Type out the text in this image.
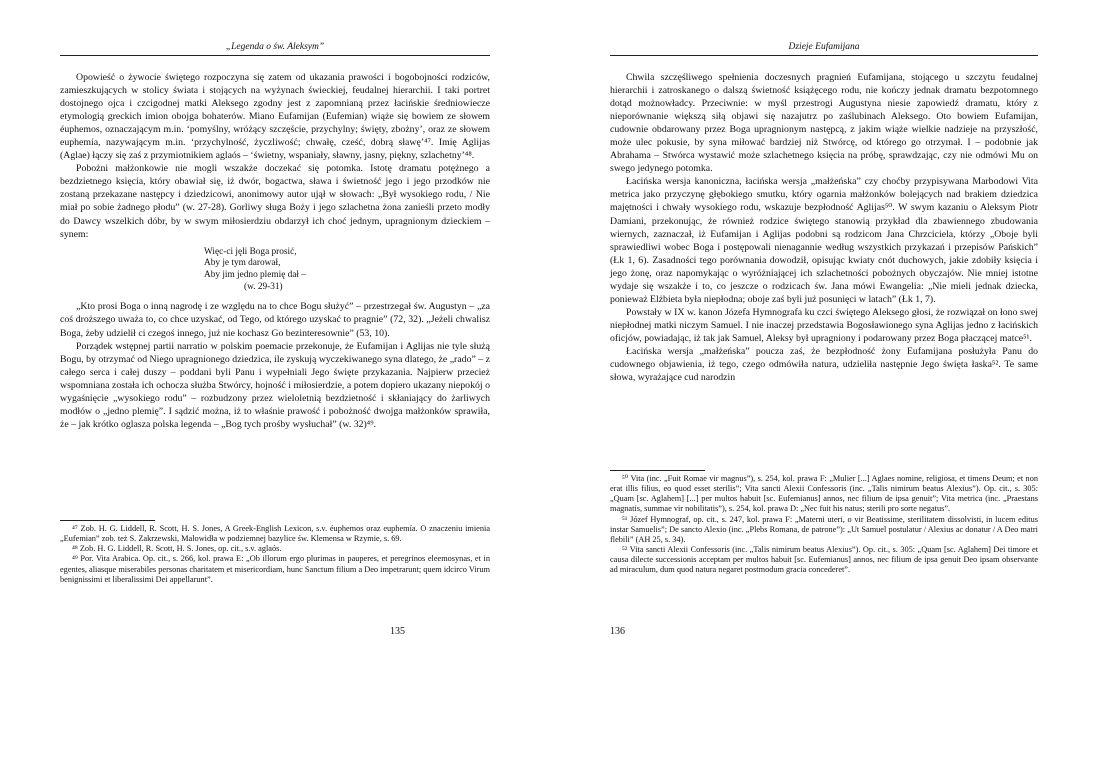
„Legenda o św. Aleksym”

Opowieść o żywocie świętego rozpoczyna się zatem od ukazania prawości i bogobojności rodziców, zamieszkujących w stolicy świata i stojących na wyżynach świeckiej, feudalnej hierarchii. I taki portret dostojnego ojca i czcigodnej matki Aleksego zgodny jest z zapomnianą przez łacińskie średniowiecze etymologią greckich imion obojga bohaterów. Miano Eufamijan (Eufemian) wiąże się bowiem ze słowem éuphemos, oznaczającym m.in. ‘pomyślny, wróżący szczęście, przychylny; święty, zbożny’, oraz ze słowem euphemía, nazywającym m.in. ‘przychylność, życzliwość; chwałę, cześć, dobrą sławę’⁴⁷. Imię Aglijas (Aglae) łączy się zaś z przymiotnikiem aglaós – ‘świetny, wspaniały, sławny, jasny, piękny, szlachetny’⁴⁸.

Pobożni małżonkowie nie mogli wszakże doczekać się potomka. Istotę dramatu potężnego a bezdzietnego księcia, który obawiał się, iż dwór, bogactwa, sława i świetność jego i jego przodków nie zostaną przekazane następcy i dziedzicowi, anonimowy autor ujął w słowach: „Był wysokiego rodu, / Nie miał po sobie żadnego płodu” (w. 27-28). Gorliwy sługa Boży i jego szlachetna żona zanieśli przeto modły do Dawcy wszelkich dóbr, by w swym miłosierdziu obdarzył ich choć jednym, upragnionym dzieckiem – synem:

Więc-ci jęli Boga prosić,
Aby je tym darował,
Aby jim jedno plemię dał –
(w. 29-31)

„Kto prosi Boga o inną nagrodę i ze względu na to chce Bogu służyć” – przestrzegał św. Augustyn – „za coś droższego uważa to, co chce uzyskać, od Tego, od którego uzyskać to pragnie” (72, 32). „Jeżeli chwalisz Boga, żeby udzielił ci czegoś innego, już nie kochasz Go bezinteresownie” (53, 10).

Porządek wstępnej partii narratio w polskim poemacie przekonuje, że Eufamijan i Aglijas nie tyle służą Bogu, by otrzymać od Niego upragnionego dziedzica, ile zyskują wyczekiwanego syna dlatego, że „rado” – z całego serca i całej duszy – poddani byli Panu i wypełniali Jego święte przykazania. Najpierw przecież wspomniana została ich ochocza służba Stwórcy, hojność i miłosierdzie, a potem dopiero ukazany niepokój o wygaśnięcie „wysokiego rodu” – rozbudzony przez wieloletnią bezdzietność i skłaniający do żarliwych modłów o „jedno plemię”. I sądzić można, iż to właśnie prawość i pobożność dwojga małżonków sprawiła, że – jak krótko oglasza polska legenda – „Bog tych prośby wysłuchał” (w. 32)⁴⁹.

⁴⁷ Zob. H. G. Liddell, R. Scott, H. S. Jones, A Greek-English Lexicon, s.v. éuphemos oraz euphemía. O znaczeniu imienia „Eufemian” zob. też S. Zakrzewski, Malowidła w podziemnej bazylice św. Klemensa w Rzymie, s. 69.

⁴⁸ Zob. H. G. Liddell, R. Scott, H. S. Jones, op. cit., s.v. aglaós.

⁴⁹ Por. Vita Arabica. Op. cit., s. 266, kol. prawa E: „Ob illorum ergo plurimas in pauperes, et peregrinos eleemosynas, et in egentes, aliasque miserabiles personas charitatem et misericordiam, hunc Sanctum filium a Deo impetrarunt; quem idcirco Virum benignissimi et liberalissimi Dei appellarunt”.

135
Dzieje Eufamijana

Chwila szczęśliwego spełnienia doczesnych pragnień Eufamijana, stojącego u szczytu feudalnej hierarchii i zatroskanego o dalszą świetność książęcego rodu, nie kończy jednak dramatu bezpotomnego dotąd możnowładcy. Przeciwnie: w myśl przestrogi Augustyna niesie zapowiedź dramatu, który z nieporównanie większą siłą objawi się nazajutrz po zaślubinach Aleksego. Oto bowiem Eufamijan, cudownie obdarowany przez Boga upragnionym następcą, z jakim wiąże wielkie nadzieje na przyszłość, może ulec pokusie, by syna miłować bardziej niż Stwórcę, od którego go otrzymał. I – podobnie jak Abrahama – Stwórca wystawić może szlachetnego księcia na próbę, sprawdzając, czy nie odmówi Mu on swego jedynego potomka.

Łacińska wersja kanoniczna, łacińska wersja „małżeńska” czy choćby przypisywana Marbodowi Vita metrica jako przyczynę głębokiego smutku, który ogarnia małżonków bolejących nad brakiem dziedzica majętności i chwały wysokiego rodu, wskazuje bezpłodność Aglijas⁵⁰. W swym kazaniu o Aleksym Piotr Damiani, przekonując, że również rodzice świętego stanowią przykład dla zbawiennego zbudowania wiernych, zaznaczał, iż Eufamijan i Aglijas podobni są rodzicom Jana Chrzciciela, którzy „Oboje byli sprawiedliwi wobec Boga i postępowali nienagannie według wszystkich przykazań i przepisów Pańskich” (Łk 1, 6). Zasadności tego porównania dowodził, opisując kwiaty cnót duchowych, jakie zdobiły księcia i jego żonę, oraz napomykając o wyróżniającej ich szlachetności pobożnych obyczajów. Nie mniej istotne wydaje się wszakże i to, co jeszcze o rodzicach św. Jana mówi Ewangelia: „Nie mieli jednak dziecka, ponieważ Elżbieta była niepłodna; oboje zaś byli już posunięci w latach” (Łk 1, 7).

Powstały w IX w. kanon Józefa Hymnografa ku czci świętego Aleksego głosi, że rozwiązał on łono swej niepłodnej matki niczym Samuel. I nie inaczej przedstawia Bogosławionego syna Aglijas jedno z łacińskich oficjów, powiadając, iż tak jak Samuel, Aleksy był upragniony i podarowany przez Boga płaczącej matce⁵¹.

Łacińska wersja „małżeńska” poucza zaś, że bezpłodność żony Eufamijana posłużyła Panu do cudownego objawienia, iż tego, czego odmówiła natura, udzieliła następnie Jego święta łaska⁵². Te same słowa, wyrażające cud narodzin

⁵⁰ Vita (inc. „Fuit Romae vir magnus”), s. 254, kol. prawa F: „Mulier [...] Aglaes nomine, religiosa, et timens Deum; et non erat illis filius, eo quod esset sterilis”; Vita sancti Alexii Confessoris (inc. „Talis nimirum beatus Alexius”). Op. cit., s. 305: „Quam [sc. Aglahem] [...] per multos habuit [sc. Eufemianus] annos, nec filium de ipsa genuit”; Vita metrica (inc. „Praestans magnatis, summae vir nobilitatis”), s. 254, kol. prawa D: „Nec fuit his natus; sterili pro sorte negatus”.

⁵¹ Józef Hymnograf, op. cit., s. 247, kol. prawa F: „Materni uteri, o vir Beatissime, sterilitatem dissolvisti, in lucem editus instar Samuelis”; De sancto Alexio (inc. „Plebs Romana, de patrone”): „Ut Samuel postulatur / Alexius ac donatur / A Deo matri flebili” (AH 25, s. 34).

⁵² Vita sancti Alexii Confessoris (inc. „Talis nimirum beatus Alexius”). Op. cit., s. 305: „Quam [sc. Aglahem] Dei timore et causa dilecte successionis acceptam per multos habuit [sc. Eufemianus] annos, nec filium de ipsa genuit Deo ipsam observante ad miraculum, dum quod natura negaret postmodum gracia concederet”.

136
